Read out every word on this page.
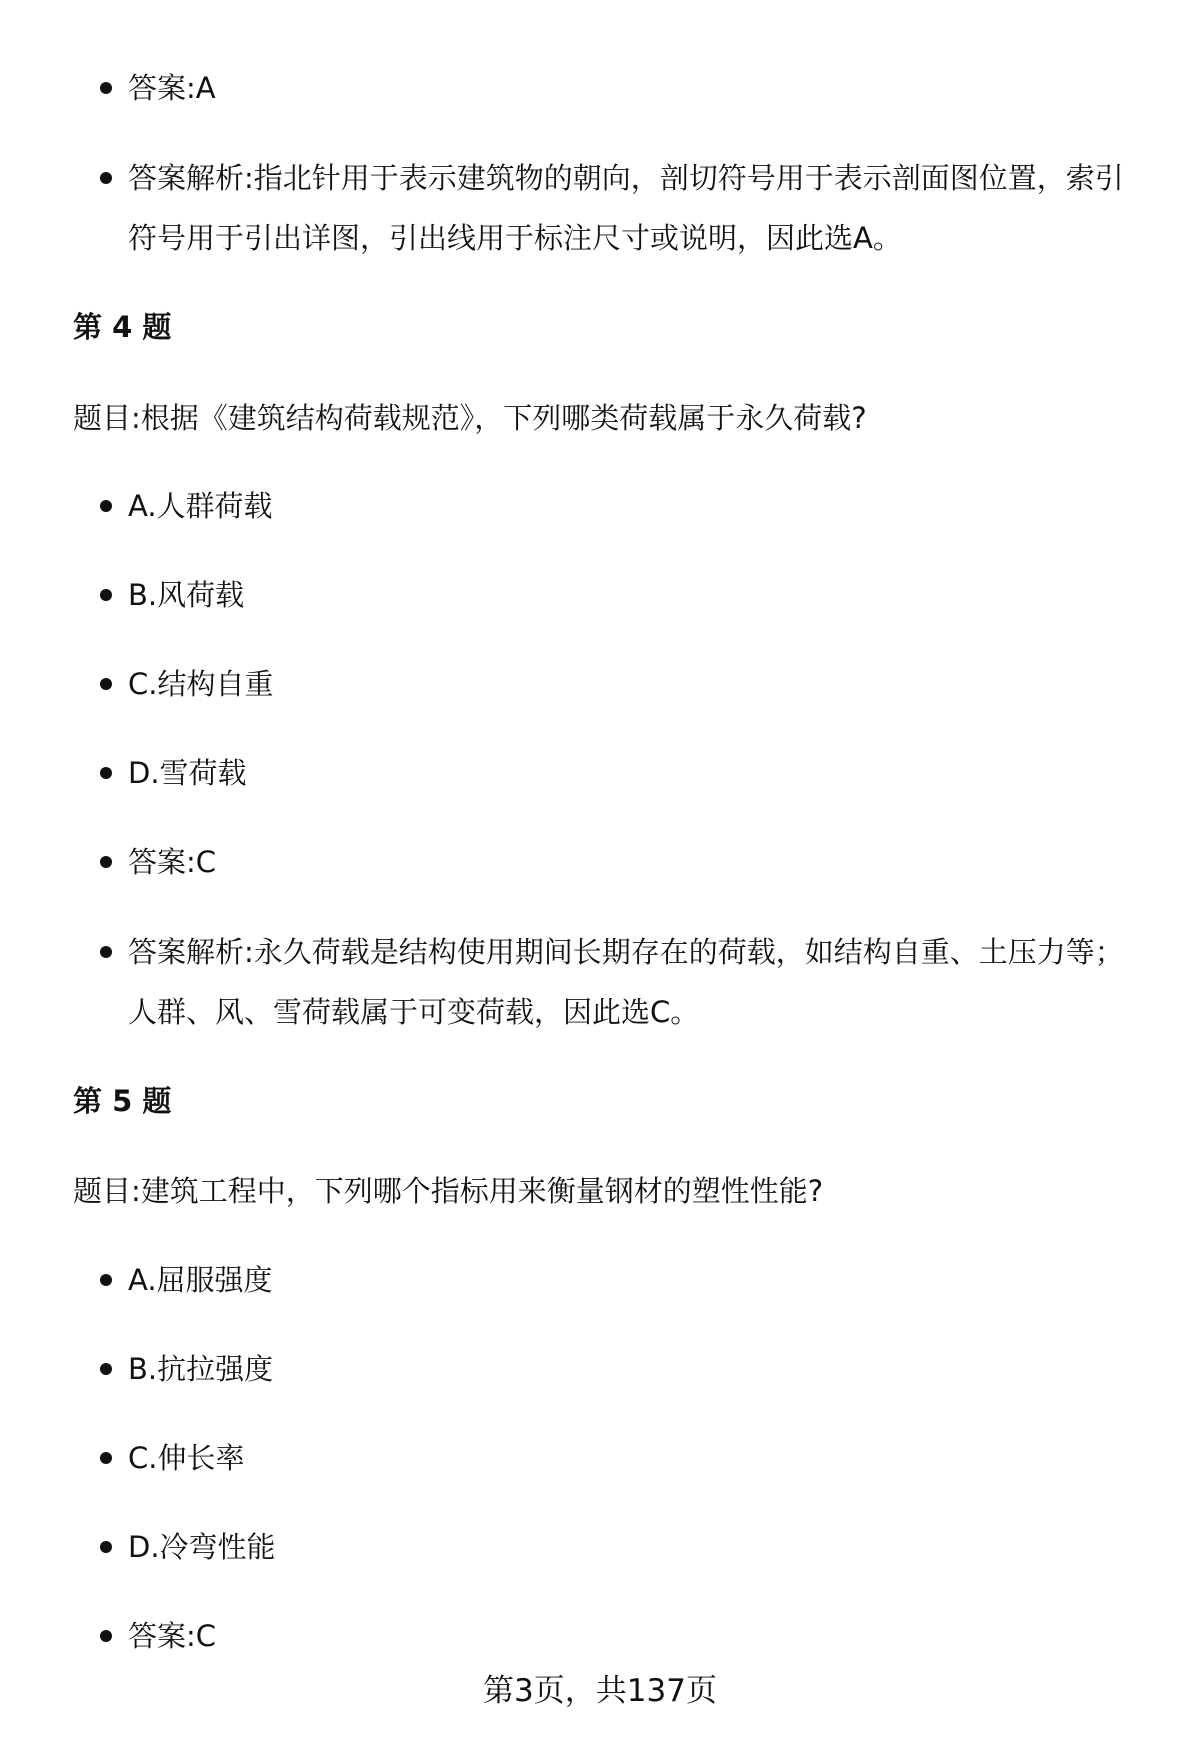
答案:A
答案解析:指北针用于表示建筑物的朝向，剖切符号用于表示剖面图位置，索引符号用于引出详图，引出线用于标注尺寸或说明，因此选A。
第 4 题

题目:根据《建筑结构荷载规范》，下列哪类荷载属于永久荷载?

A.人群荷载
B.风荷载
C.结构自重
D.雪荷载
答案:C
答案解析:永久荷载是结构使用期间长期存在的荷载，如结构自重、土压力等；人群、风、雪荷载属于可变荷载，因此选C。
第 5 题

题目:建筑工程中，下列哪个指标用来衡量钢材的塑性性能?

A.屈服强度
B.抗拉强度
C.伸长率
D.冷弯性能
答案:C

第3页，共137页
